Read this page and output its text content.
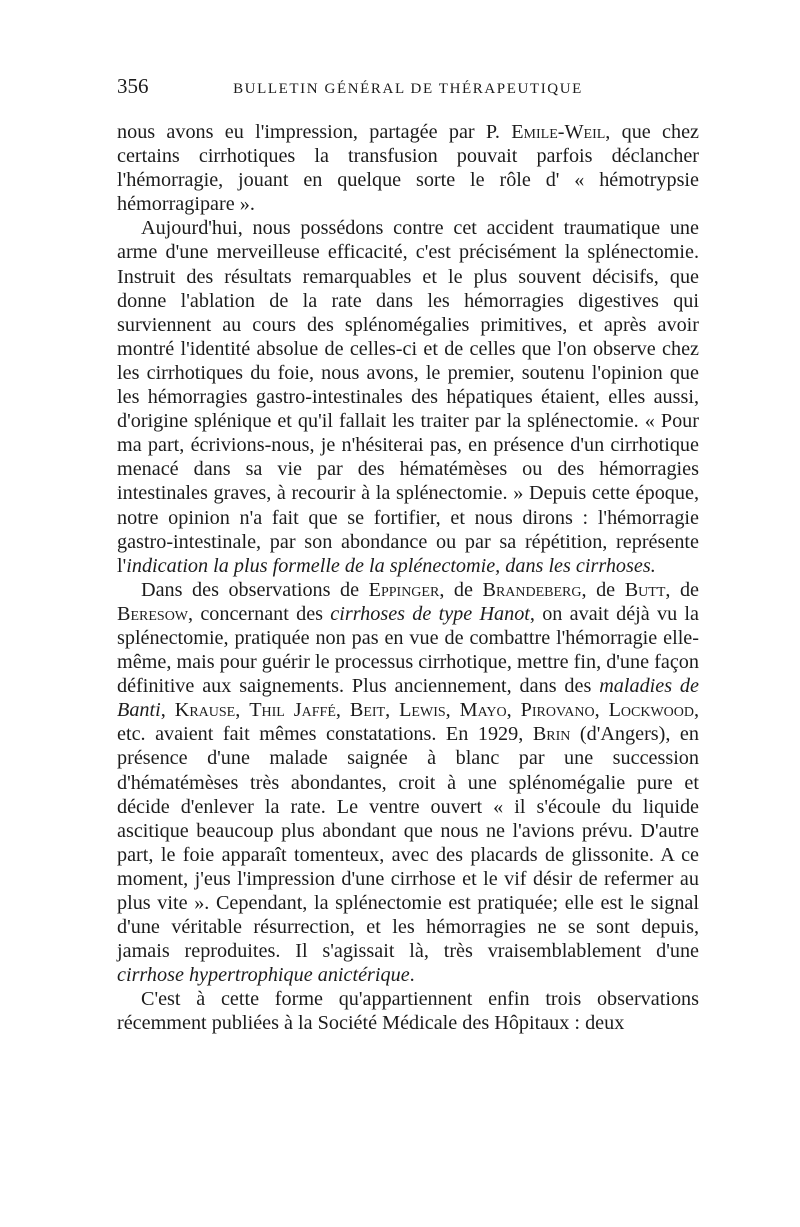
356	BULLETIN GÉNÉRAL DE THÉRAPEUTIQUE

nous avons eu l'impression, partagée par P. Emile-Weil, que chez certains cirrhotiques la transfusion pouvait parfois déclancher l'hémorragie, jouant en quelque sorte le rôle d' « hémotrypsie hémorragipare ».

Aujourd'hui, nous possédons contre cet accident traumatique une arme d'une merveilleuse efficacité, c'est précisément la splénectomie. Instruit des résultats remarquables et le plus souvent décisifs, que donne l'ablation de la rate dans les hémorragies digestives qui surviennent au cours des splénomégalies primitives, et après avoir montré l'identité absolue de celles-ci et de celles que l'on observe chez les cirrhotiques du foie, nous avons, le premier, soutenu l'opinion que les hémorragies gastro-intestinales des hépatiques étaient, elles aussi, d'origine splénique et qu'il fallait les traiter par la splénectomie. « Pour ma part, écrivions-nous, je n'hésiterai pas, en présence d'un cirrhotique menacé dans sa vie par des hématémèses ou des hémorragies intestinales graves, à recourir à la splénectomie. » Depuis cette époque, notre opinion n'a fait que se fortifier, et nous dirons : l'hémorragie gastro-intestinale, par son abondance ou par sa répétition, représente l'indication la plus formelle de la splénectomie, dans les cirrhoses.

Dans des observations de Eppinger, de Brandeberg, de Butt, de Beresow, concernant des cirrhoses de type Hanot, on avait déjà vu la splénectomie, pratiquée non pas en vue de combattre l'hémorragie elle-même, mais pour guérir le processus cirrhotique, mettre fin, d'une façon définitive aux saignements. Plus anciennement, dans des maladies de Banti, Krause, Thil Jaffé, Beit, Lewis, Mayo, Pirovano, Lockwood, etc. avaient fait mêmes constatations. En 1929, Brin (d'Angers), en présence d'une malade saignée à blanc par une succession d'hématémèses très abondantes, croit à une splénomégalie pure et décide d'enlever la rate. Le ventre ouvert « il s'écoule du liquide ascitique beaucoup plus abondant que nous ne l'avions prévu. D'autre part, le foie apparaît tomenteux, avec des placards de glissonite. A ce moment, j'eus l'impression d'une cirrhose et le vif désir de refermer au plus vite ». Cependant, la splénectomie est pratiquée; elle est le signal d'une véritable résurrection, et les hémorragies ne se sont depuis, jamais reproduites. Il s'agissait là, très vraisemblablement d'une cirrhose hypertrophique anictérique.

C'est à cette forme qu'appartiennent enfin trois observations récemment publiées à la Société Médicale des Hôpitaux : deux
